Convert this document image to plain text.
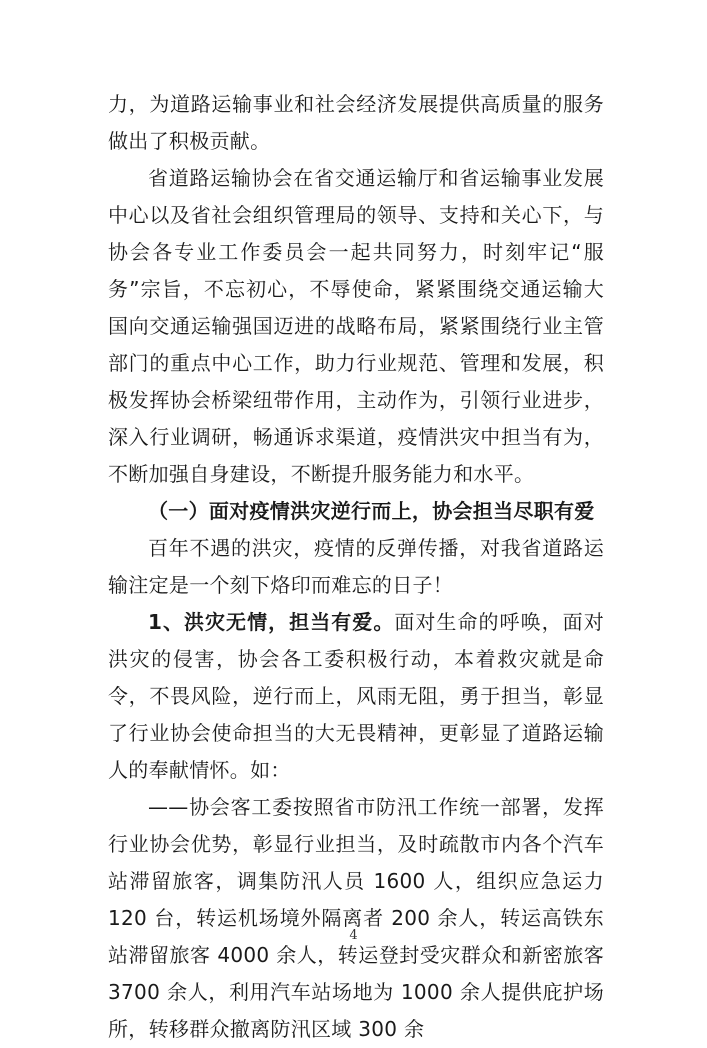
力，为道路运输事业和社会经济发展提供高质量的服务做出了积极贡献。

省道路运输协会在省交通运输厅和省运输事业发展中心以及省社会组织管理局的领导、支持和关心下，与协会各专业工作委员会一起共同努力，时刻牢记“服务”宗旨，不忘初心，不辱使命，紧紧围绕交通运输大国向交通运输强国迈进的战略布局，紧紧围绕行业主管部门的重点中心工作，助力行业规范、管理和发展，积极发挥协会桥梁纽带作用，主动作为，引领行业进步，深入行业调研，畅通诉求渠道，疫情洪灾中担当有为，不断加强自身建设，不断提升服务能力和水平。

（一）面对疫情洪灾逆行而上，协会担当尽职有爱

百年不遇的洪灾，疫情的反弹传播，对我省道路运输注定是一个刻下烙印而难忘的日子！

1、洪灾无情，担当有爱。面对生命的呼唤，面对洪灾的侵害，协会各工委积极行动，本着救灾就是命令，不畏风险，逆行而上，风雨无阻，勇于担当，彰显了行业协会使命担当的大无畏精神，更彰显了道路运输人的奉献情怀。如：

——协会客工委按照省市防汛工作统一部署，发挥行业协会优势，彰显行业担当，及时疏散市内各个汽车站滞留旅客，调集防汛人员 1600 人，组织应急运力 120 台，转运机场境外隔离者 200 余人，转运高铁东站滞留旅客 4000 余人，转运登封受灾群众和新密旅客 3700 余人，利用汽车站场地为 1000 余人提供庇护场所，转移群众撤离防汛区域 300 余

4
